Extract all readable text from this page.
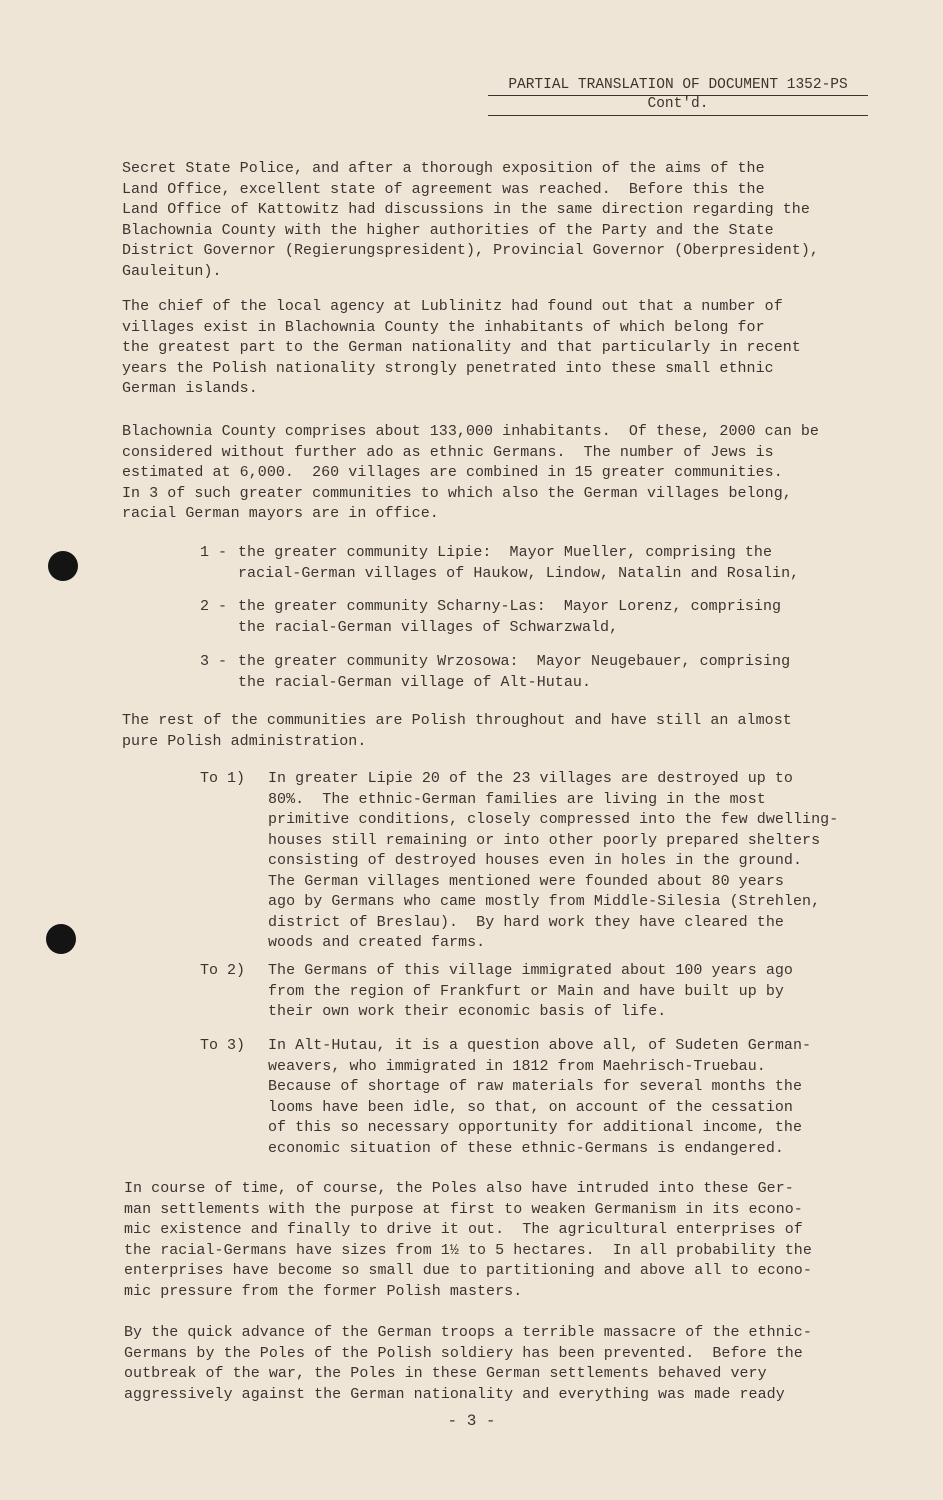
PARTIAL TRANSLATION OF DOCUMENT 1352-PS
Cont'd.
Secret State Police, and after a thorough exposition of the aims of the
Land Office, excellent state of agreement was reached.  Before this the
Land Office of Kattowitz had discussions in the same direction regarding the
Blachownia County with the higher authorities of the Party and the State
District Governor (Regierungspresident), Provincial Governor (Oberpresident),
Gauleitun).
The chief of the local agency at Lublinitz had found out that a number of
villages exist in Blachownia County the inhabitants of which belong for
the greatest part to the German nationality and that particularly in recent
years the Polish nationality strongly penetrated into these small ethnic
German islands.
Blachownia County comprises about 133,000 inhabitants.  Of these, 2000 can be
considered without further ado as ethnic Germans.  The number of Jews is
estimated at 6,000.  260 villages are combined in 15 greater communities.
In 3 of such greater communities to which also the German villages belong,
racial German mayors are in office.
1 - the greater community Lipie:  Mayor Mueller, comprising the
racial-German villages of Haukow, Lindow, Natalin and Rosalin,
2 - the greater community Scharny-Las:  Mayor Lorenz, comprising
the racial-German villages of Schwarzwald,
3 - the greater community Wrzosowa:  Mayor Neugebauer, comprising
the racial-German village of Alt-Hutau.
The rest of the communities are Polish throughout and have still an almost
pure Polish administration.
To 1) In greater Lipie 20 of the 23 villages are destroyed up to
80%.  The ethnic-German families are living in the most
primitive conditions, closely compressed into the few dwelling-
houses still remaining or into other poorly prepared shelters
consisting of destroyed houses even in holes in the ground.
The German villages mentioned were founded about 80 years
ago by Germans who came mostly from Middle-Silesia (Strehlen,
district of Breslau).  By hard work they have cleared the
woods and created farms.
To 2) The Germans of this village immigrated about 100 years ago
from the region of Frankfurt or Main and have built up by
their own work their economic basis of life.
To 3) In Alt-Hutau, it is a question above all, of Sudeten German-
weavers, who immigrated in 1812 from Maehrisch-Truebau.
Because of shortage of raw materials for several months the
looms have been idle, so that, on account of the cessation
of this so necessary opportunity for additional income, the
economic situation of these ethnic-Germans is endangered.
In course of time, of course, the Poles also have intruded into these Ger-
man settlements with the purpose at first to weaken Germanism in its econo-
mic existence and finally to drive it out.  The agricultural enterprises of
the racial-Germans have sizes from 1½ to 5 hectares.  In all probability the
enterprises have become so small due to partitioning and above all to econo-
mic pressure from the former Polish masters.
By the quick advance of the German troops a terrible massacre of the ethnic-
Germans by the Poles of the Polish soldiery has been prevented.  Before the
outbreak of the war, the Poles in these German settlements behaved very
aggressively against the German nationality and everything was made ready
- 3 -
